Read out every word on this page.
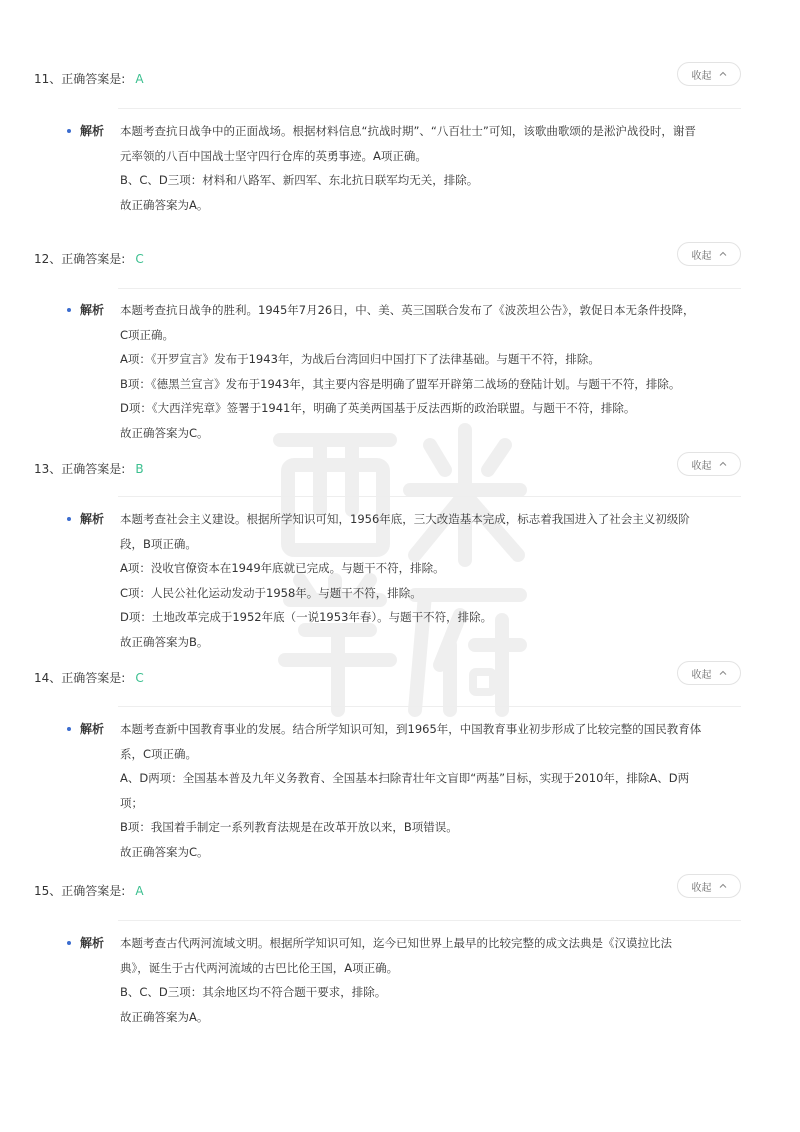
11、正确答案是: A	收起
解析 本题考查抗日战争中的正面战场。根据材料信息“抗战时期”、“八百壮士”可知，该歌曲歌颂的是淞沪战役时，谢晋
元率领的八百中国战士坚守四行仓库的英勇事迹。A项正确。
B、C、D三项：材料和八路军、新四军、东北抗日联军均无关，排除。
故正确答案为A。
12、正确答案是: C	收起
解析 本题考查抗日战争的胜利。1945年7月26日，中、美、英三国联合发布了《波茨坦公告》，敦促日本无条件投降，
C项正确。
A项：《开罗宣言》发布于1943年，为战后台湾回归中国打下了法律基础。与题干不符，排除。
B项：《德黑兰宣言》发布于1943年，其主要内容是明确了盟军开辟第二战场的登陆计划。与题干不符，排除。
D项：《大西洋宪章》签署于1941年，明确了英美两国基于反法西斯的政治联盟。与题干不符，排除。
故正确答案为C。
13、正确答案是: B	收起
解析 本题考查社会主义建设。根据所学知识可知，1956年底，三大改造基本完成，标志着我国进入了社会主义初级阶
段，B项正确。
A项：没收官僚资本在1949年底就已完成。与题干不符，排除。
C项：人民公社化运动发动于1958年。与题干不符，排除。
D项：土地改革完成于1952年底（一说1953年春）。与题干不符，排除。
故正确答案为B。
14、正确答案是: C	收起
解析 本题考查新中国教育事业的发展。结合所学知识可知，到1965年，中国教育事业初步形成了比较完整的国民教育体
系，C项正确。
A、D两项：全国基本普及九年义务教育、全国基本扫除青壮年文盲即“两基”目标，实现于2010年，排除A、D两
项；
B项：我国着手制定一系列教育法规是在改革开放以来，B项错误。
故正确答案为C。
15、正确答案是: A	收起
解析 本题考查古代两河流域文明。根据所学知识可知，迄今已知世界上最早的比较完整的成文法典是《汉谟拉比法
典》，诞生于古代两河流域的古巴比伦王国，A项正确。
B、C、D三项：其余地区均不符合题干要求，排除。
故正确答案为A。
